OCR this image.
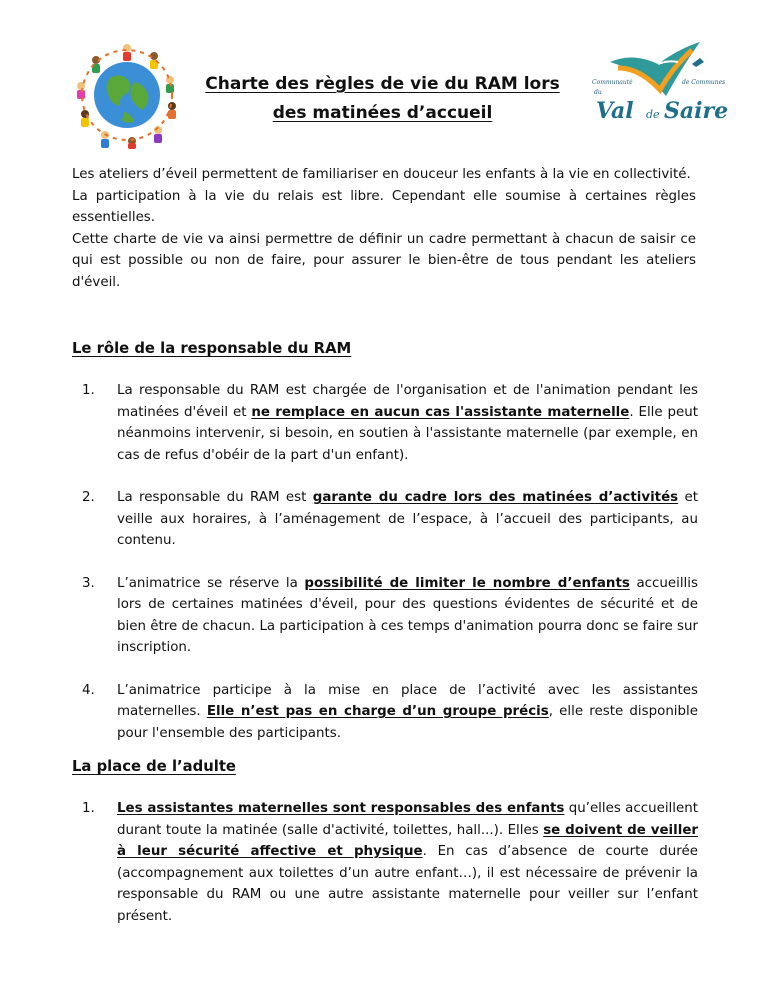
Communauté	de Communes
du
Val de Saire
Charte des règles de vie du RAM lors
des matinées d’accueil

Les ateliers d’éveil permettent de familiariser en douceur les enfants à la vie en collectivité.

La participation à la vie du relais est libre. Cependant elle soumise à certaines règles essentielles.

Cette charte de vie va ainsi permettre de définir un cadre permettant à chacun de saisir ce qui est possible ou non de faire, pour assurer le bien-être de tous pendant les ateliers d'éveil.

Le rôle de la responsable du RAM
1. La responsable du RAM est chargée de l'organisation et de l'animation pendant les matinées d'éveil et ne remplace en aucun cas l'assistante maternelle. Elle peut néanmoins intervenir, si besoin, en soutien à l'assistante maternelle (par exemple, en cas de refus d'obéir de la part d'un enfant).
2. La responsable du RAM est garante du cadre lors des matinées d’activités et veille aux horaires, à l’aménagement de l’espace, à l’accueil des participants, au contenu.
3. L’animatrice se réserve la possibilité de limiter le nombre d’enfants accueillis lors de certaines matinées d'éveil, pour des questions évidentes de sécurité et de bien être de chacun. La participation à ces temps d'animation pourra donc se faire sur inscription.
4. L’animatrice participe à la mise en place de l’activité avec les assistantes maternelles. Elle n’est pas en charge d’un groupe précis, elle reste disponible pour l'ensemble des participants.
La place de l’adulte
1. Les assistantes maternelles sont responsables des enfants qu’elles accueillent durant toute la matinée (salle d'activité, toilettes, hall...). Elles se doivent de veiller à leur sécurité affective et physique. En cas d’absence de courte durée (accompagnement aux toilettes d’un autre enfant…), il est nécessaire de prévenir la responsable du RAM ou une autre assistante maternelle pour veiller sur l’enfant présent.
